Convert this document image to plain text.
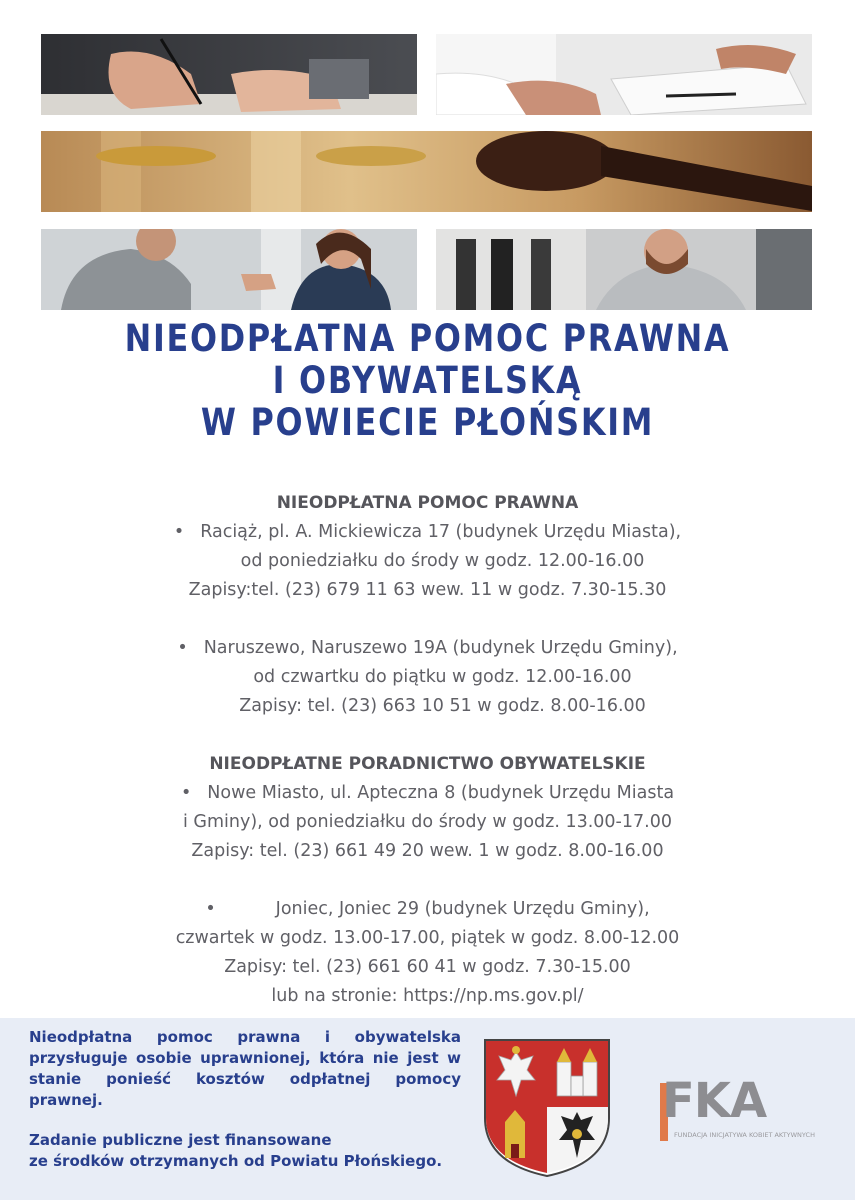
NIEODPŁATNA POMOC PRAWNA
I OBYWATELSKĄ
W POWIECIE PŁOŃSKIM
NIEODPŁATNA POMOC PRAWNA
• Raciąż, pl. A. Mickiewicza 17 (budynek Urzędu Miasta),
od poniedziałku do środy w godz. 12.00-16.00
Zapisy:tel. (23) 679 11 63 wew. 11 w godz. 7.30-15.30
• Naruszewo, Naruszewo 19A (budynek Urzędu Gminy),
od czwartku do piątku w godz. 12.00-16.00
Zapisy: tel. (23) 663 10 51 w godz. 8.00-16.00
NIEODPŁATNE PORADNICTWO OBYWATELSKIE
• Nowe Miasto, ul. Apteczna 8 (budynek Urzędu Miasta
i Gminy), od poniedziałku do środy w godz. 13.00-17.00
Zapisy: tel. (23) 661 49 20 wew. 1 w godz. 8.00-16.00
•	Joniec, Joniec 29 (budynek Urzędu Gminy),
czwartek w godz. 13.00-17.00, piątek w godz. 8.00-12.00
Zapisy: tel. (23) 661 60 41 w godz. 7.30-15.00
lub na stronie: https://np.ms.gov.pl/
Nieodpłatna pomoc prawna i obywatelska przysługuje osobie uprawnionej, która nie jest w stanie ponieść kosztów odpłatnej pomocy prawnej.
Zadanie publiczne jest finansowane
ze środków otrzymanych od Powiatu Płońskiego.
FKA
FUNDACJA INICJATYWA KOBIET AKTYWNYCH
